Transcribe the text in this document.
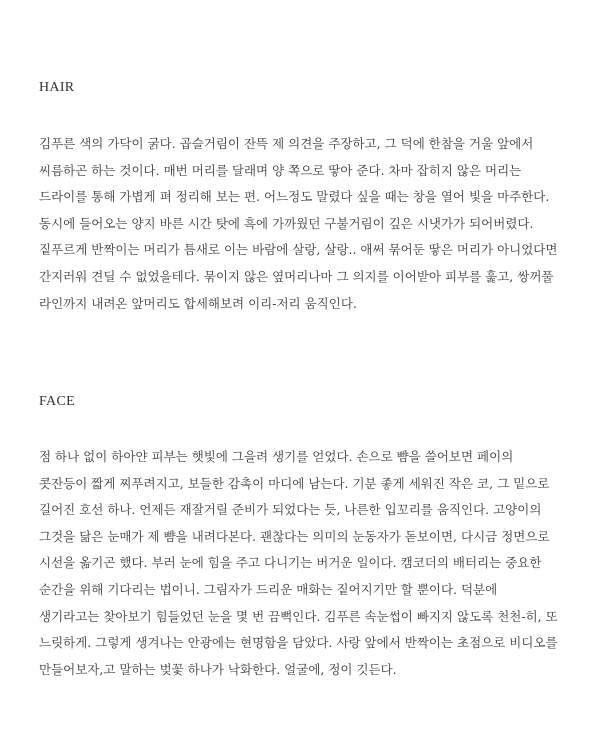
HAIR

김푸른 색의 가닥이 굵다. 곱슬거림이 잔뜩 제 의견을 주장하고, 그 덕에 한참을 거울 앞에서
씨름하곤 하는 것이다. 매번 머리를 달래며 양 쪽으로 땋아 준다. 차마 잡히지 않은 머리는
드라이를 통해 가볍게 펴 정리해 보는 편. 어느정도 말렸다 싶을 때는 창을 열어 빛을 마주한다.
동시에 들어오는 양지 바른 시간 탓에 흑에 가까웠던 구불거림이 깊은 시냇가가 되어버렸다.
짙푸르게 반짝이는 머리가 틈새로 이는 바람에 살랑, 살랑.. 애써 묶어둔 땋은 머리가 아니었다면
간지러워 견딜 수 없었을테다. 묶이지 않은 옆머리나마 그 의지를 이어받아 피부를 훑고, 쌍꺼풀
라인까지 내려온 앞머리도 합세해보려 이리-저리 움직인다.

FACE

점 하나 없이 하아얀 피부는 햇빛에 그을려 생기를 얻었다. 손으로 뺨을 쓸어보면 페이의
콧잔등이 짧게 찌푸려지고, 보들한 감촉이 마디에 남는다. 기분 좋게 세워진 작은 코, 그 밑으로
길어진 호선 하나. 언제든 재잘거릴 준비가 되었다는 듯, 나른한 입꼬리를 움직인다. 고양이의
그것을 닮은 눈매가 제 뺨을 내려다본다. 괜찮다는 의미의 눈동자가 돋보이면, 다시금 정면으로
시선을 옮기곤 했다. 부러 눈에 힘을 주고 다니기는 버거운 일이다. 캠코더의 배터리는 중요한
순간을 위해 기다리는 법이니. 그림자가 드리운 매화는 짙어지기만 할 뿐이다. 덕분에
생기라고는 찾아보기 힘들었던 눈을 몇 번 끔뻑인다. 김푸른 속눈썹이 빠지지 않도록 천천-히, 또
느릿하게. 그렇게 생겨나는 안광에는 현명함을 담았다. 사랑 앞에서 반짝이는 초점으로 비디오를
만들어보자,고 말하는 벚꽃 하나가 낙화한다. 얼굴에, 정이 깃든다.
